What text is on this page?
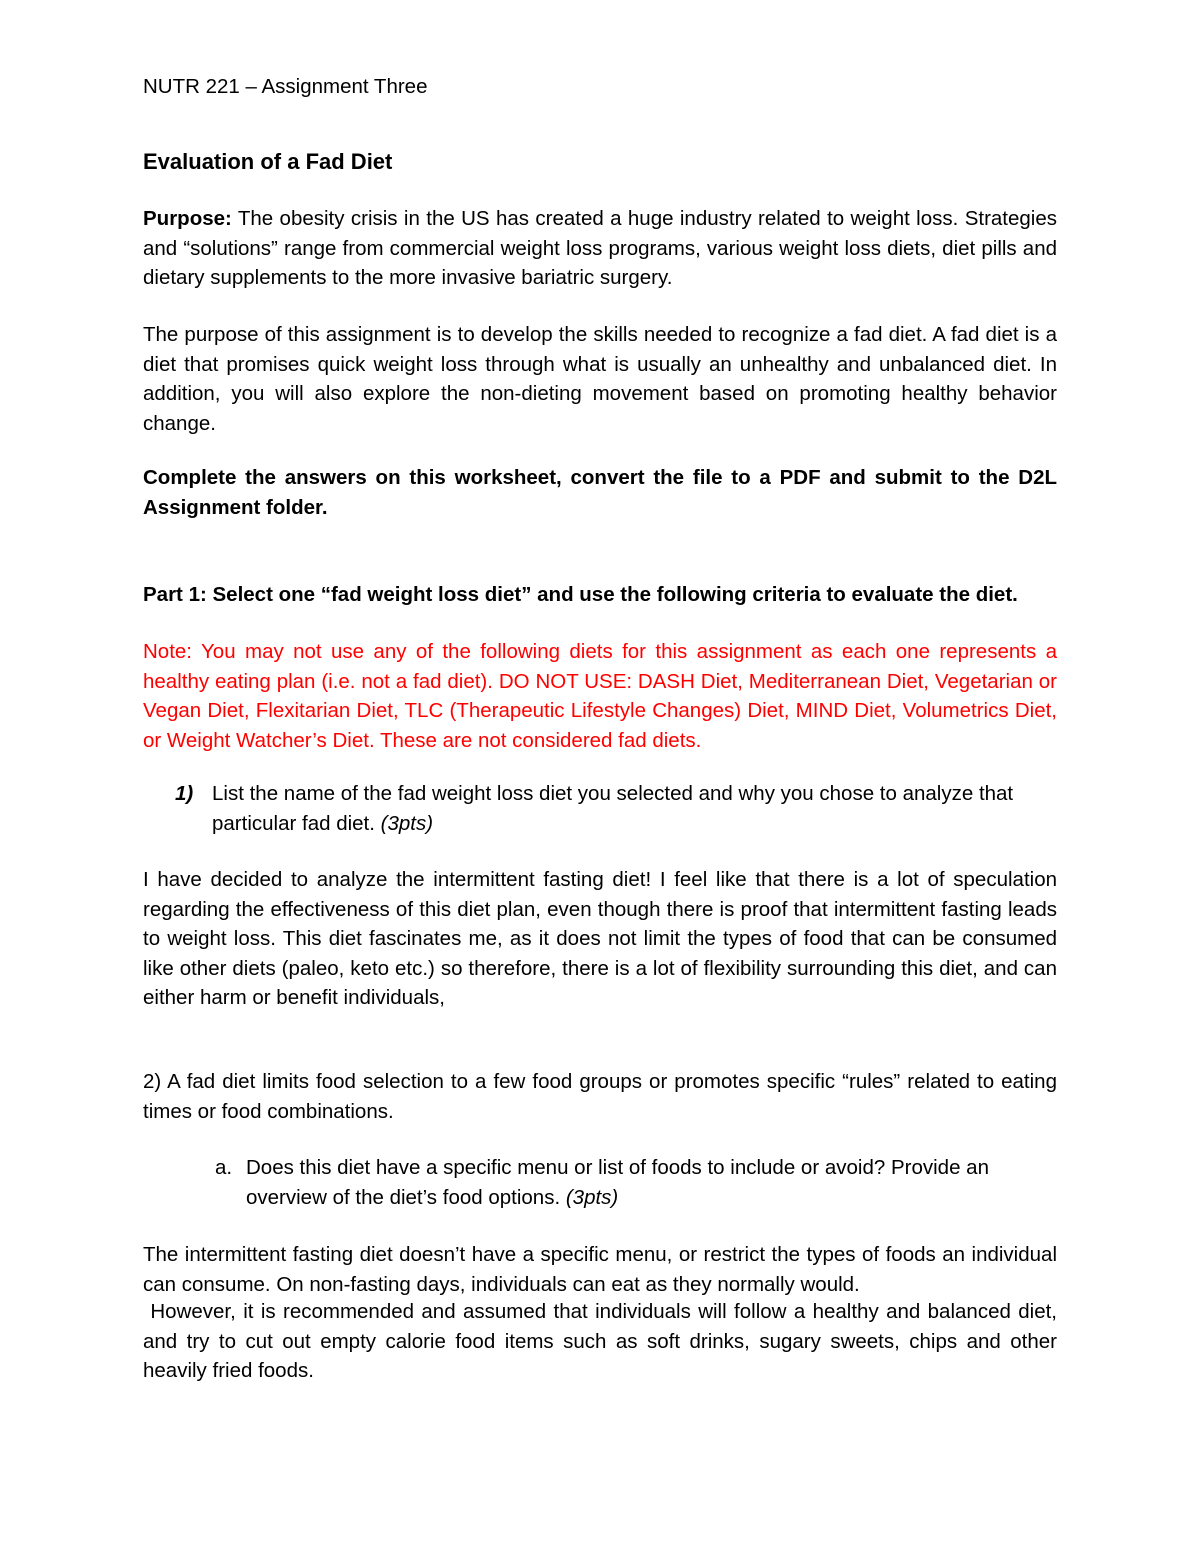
NUTR 221 – Assignment Three

Evaluation of a Fad Diet

Purpose: The obesity crisis in the US has created a huge industry related to weight loss. Strategies and “solutions” range from commercial weight loss programs, various weight loss diets, diet pills and dietary supplements to the more invasive bariatric surgery.

The purpose of this assignment is to develop the skills needed to recognize a fad diet. A fad diet is a diet that promises quick weight loss through what is usually an unhealthy and unbalanced diet. In addition, you will also explore the non-dieting movement based on promoting healthy behavior change.

Complete the answers on this worksheet, convert the file to a PDF and submit to the D2L Assignment folder.

Part 1: Select one “fad weight loss diet” and use the following criteria to evaluate the diet.

Note: You may not use any of the following diets for this assignment as each one represents a healthy eating plan (i.e. not a fad diet). DO NOT USE: DASH Diet, Mediterranean Diet, Vegetarian or Vegan Diet, Flexitarian Diet, TLC (Therapeutic Lifestyle Changes) Diet, MIND Diet, Volumetrics Diet, or Weight Watcher’s Diet. These are not considered fad diets.

1) List the name of the fad weight loss diet you selected and why you chose to analyze that particular fad diet. (3pts)

I have decided to analyze the intermittent fasting diet! I feel like that there is a lot of speculation regarding the effectiveness of this diet plan, even though there is proof that intermittent fasting leads to weight loss. This diet fascinates me, as it does not limit the types of food that can be consumed like other diets (paleo, keto etc.) so therefore, there is a lot of flexibility surrounding this diet, and can either harm or benefit individuals,

2) A fad diet limits food selection to a few food groups or promotes specific “rules” related to eating times or food combinations.

a. Does this diet have a specific menu or list of foods to include or avoid? Provide an overview of the diet’s food options. (3pts)

The intermittent fasting diet doesn’t have a specific menu, or restrict the types of foods an individual can consume. On non-fasting days, individuals can eat as they normally would.

However, it is recommended and assumed that individuals will follow a healthy and balanced diet, and try to cut out empty calorie food items such as soft drinks, sugary sweets, chips and other heavily fried foods.
